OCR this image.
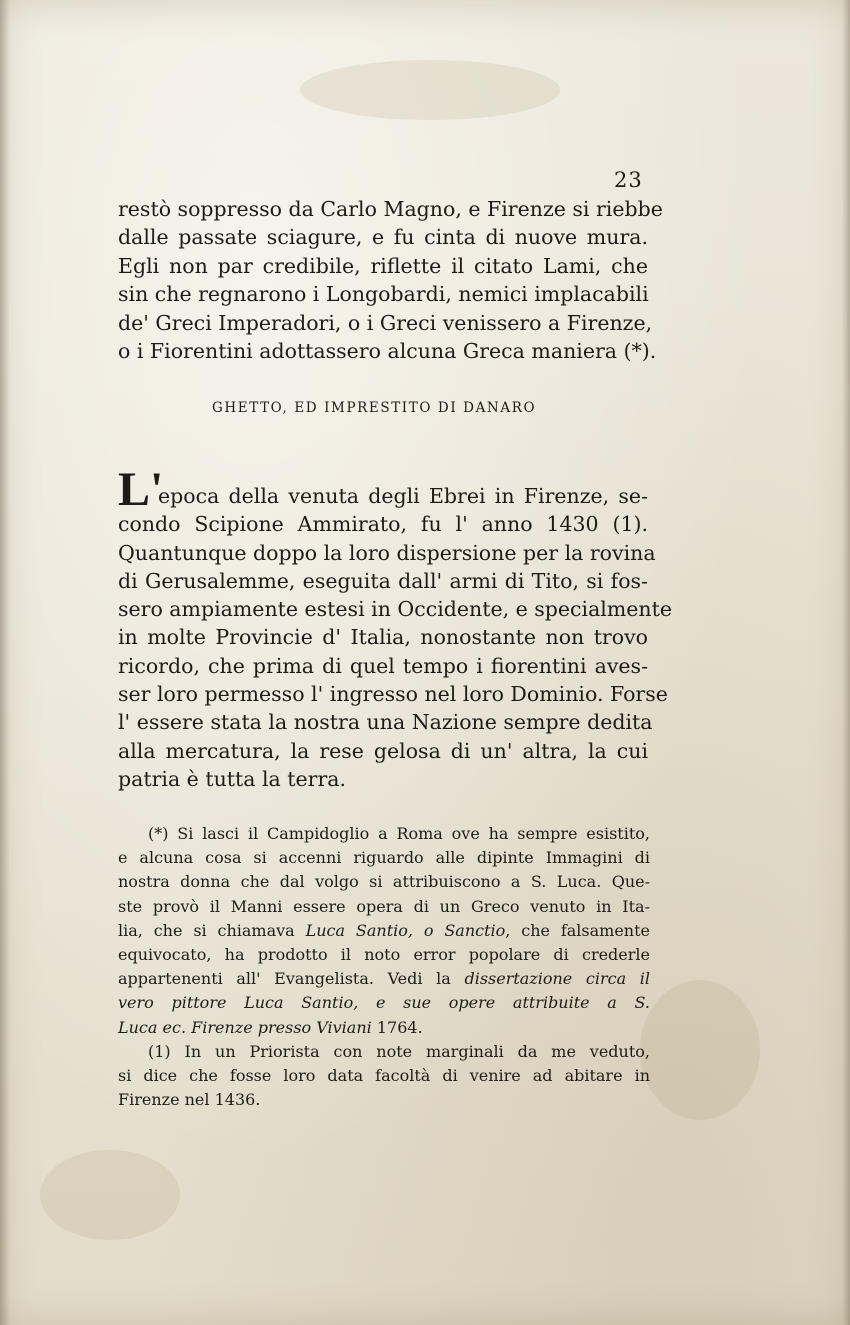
23
restò soppresso da Carlo Magno, e Firenze si riebbe
dalle passate sciagure, e fu cinta di nuove mura.
Egli non par credibile, riflette il citato Lami, che
sin che regnarono i Longobardi, nemici implacabili
de' Greci Imperadori, o i Greci venissero a Firenze,
o i Fiorentini adottassero alcuna Greca maniera (*).
GHETTO, ED IMPRESTITO DI DANARO
L'
epoca della venuta degli Ebrei in Firenze, se-
condo Scipione Ammirato, fu l' anno 1430 (1).
Quantunque doppo la loro dispersione per la rovina
di Gerusalemme, eseguita dall' armi di Tito, si fos-
sero ampiamente estesi in Occidente, e specialmente
in molte Provincie d' Italia, nonostante non trovo
ricordo, che prima di quel tempo i fiorentini aves-
ser loro permesso l' ingresso nel loro Dominio. Forse
l' essere stata la nostra una Nazione sempre dedita
alla mercatura, la rese gelosa di un' altra, la cui
patria è tutta la terra.
(*) Si lasci il Campidoglio a Roma ove ha sempre esistito,
e alcuna cosa si accenni riguardo alle dipinte Immagini di
nostra donna che dal volgo si attribuiscono a S. Luca. Que-
ste provò il Manni essere opera di un Greco venuto in Ita-
lia, che si chiamava Luca Santio, o Sanctio, che falsamente
equivocato, ha prodotto il noto error popolare di crederle
appartenenti all' Evangelista. Vedi la dissertazione circa il
vero pittore Luca Santio, e sue opere attribuite a S.
Luca ec. Firenze presso Viviani 1764.
(1) In un Priorista con note marginali da me veduto,
si dice che fosse loro data facoltà di venire ad abitare in
Firenze nel 1436.
